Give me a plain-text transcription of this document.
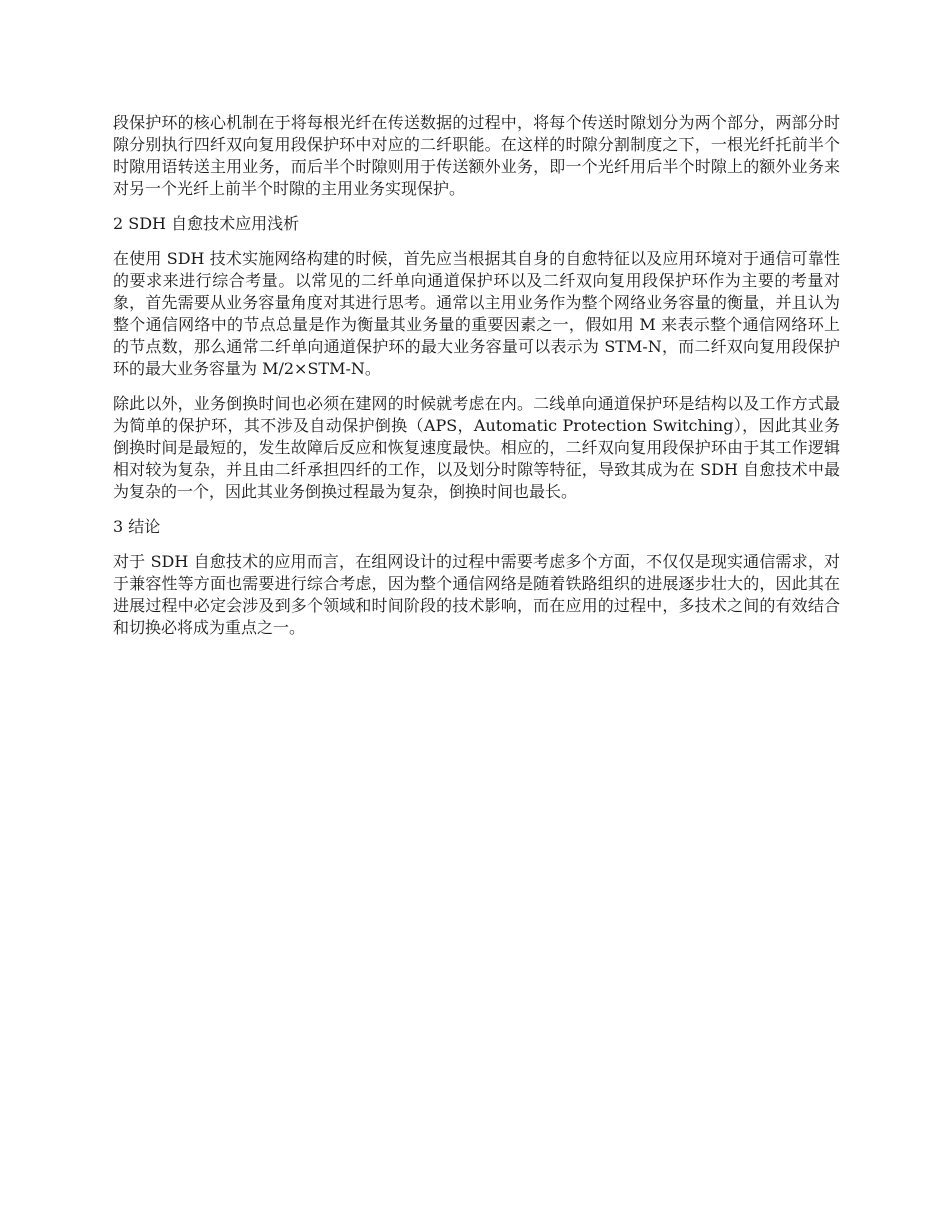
段保护环的核心机制在于将每根光纤在传送数据的过程中，将每个传送时隙划分为两个部分，两部分时隙分别执行四纤双向复用段保护环中对应的二纤职能。在这样的时隙分割制度之下，一根光纤托前半个时隙用语转送主用业务，而后半个时隙则用于传送额外业务，即一个光纤用后半个时隙上的额外业务来对另一个光纤上前半个时隙的主用业务实现保护。

2 SDH 自愈技术应用浅析

在使用 SDH 技术实施网络构建的时候，首先应当根据其自身的自愈特征以及应用环境对于通信可靠性的要求来进行综合考量。以常见的二纤单向通道保护环以及二纤双向复用段保护环作为主要的考量对象，首先需要从业务容量角度对其进行思考。通常以主用业务作为整个网络业务容量的衡量，并且认为整个通信网络中的节点总量是作为衡量其业务量的重要因素之一，假如用 M 来表示整个通信网络环上的节点数，那么通常二纤单向通道保护环的最大业务容量可以表示为 STM-N，而二纤双向复用段保护环的最大业务容量为 M/2×STM-N。

除此以外，业务倒换时间也必须在建网的时候就考虑在内。二线单向通道保护环是结构以及工作方式最为简单的保护环，其不涉及自动保护倒换（APS，Automatic Protection Switching），因此其业务倒换时间是最短的，发生故障后反应和恢复速度最快。相应的，二纤双向复用段保护环由于其工作逻辑相对较为复杂，并且由二纤承担四纤的工作，以及划分时隙等特征，导致其成为在 SDH 自愈技术中最为复杂的一个，因此其业务倒换过程最为复杂，倒换时间也最长。

3 结论

对于 SDH 自愈技术的应用而言，在组网设计的过程中需要考虑多个方面，不仅仅是现实通信需求，对于兼容性等方面也需要进行综合考虑，因为整个通信网络是随着铁路组织的进展逐步壮大的，因此其在进展过程中必定会涉及到多个领域和时间阶段的技术影响，而在应用的过程中，多技术之间的有效结合和切换必将成为重点之一。
